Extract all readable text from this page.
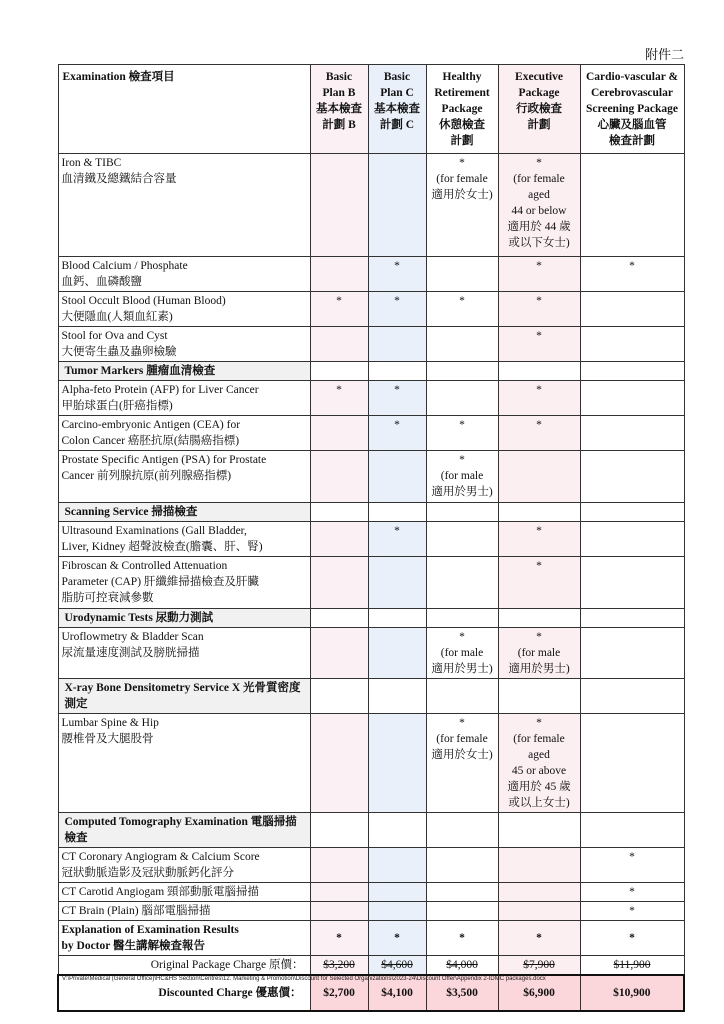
附件二
Examination 檢查項目	Basic
Plan B
基本檢查
計劃 B	Basic
Plan C
基本檢查
計劃 C	Healthy
Retirement
Package
休憩檢查
計劃	Executive
Package
行政檢查
計劃	Cardio-vascular &
Cerebrovascular
Screening Package
心臟及腦血管
檢查計劃
Iron & TIBC
血清鐵及總鐵結合容量			*
(for female
適用於女士)	*
(for female aged
44 or below
適用於 44 歲
或以下女士)	
Blood Calcium / Phosphate
血鈣、血磷酸鹽		*		*	*
Stool Occult Blood (Human Blood)
大便隱血(人類血紅素)	*	*	*	*	
Stool for Ova and Cyst
大便寄生蟲及蟲卵檢驗				*	
Tumor Markers 腫瘤血清檢查					
Alpha-feto Protein (AFP) for Liver Cancer
甲胎球蛋白(肝癌指標)	*	*		*	
Carcino-embryonic Antigen (CEA) for
Colon Cancer 癌胚抗原(結腸癌指標)		*	*	*	
Prostate Specific Antigen (PSA) for Prostate
Cancer 前列腺抗原(前列腺癌指標)			*
(for male
適用於男士)		
Scanning Service 掃描檢查					
Ultrasound Examinations (Gall Bladder,
Liver, Kidney 超聲波檢查(膽囊、肝、腎)		*		*	
Fibroscan & Controlled Attenuation
Parameter (CAP) 肝纖維掃描檢查及肝臟
脂肪可控衰減參數				*	
Urodynamic Tests 尿動力測試					
Uroflowmetry & Bladder Scan
尿流量速度測試及膀胱掃描			*
(for male
適用於男士)	*
(for male
適用於男士)	
X-ray Bone Densitometry Service X 光骨質密度測定					
Lumbar Spine & Hip
腰椎骨及大腿股骨			*
(for female
適用於女士)	*
(for female aged
45 or above
適用於 45 歲
或以上女士)	
Computed Tomography Examination 電腦掃描檢查					
CT Coronary Angiogram & Calcium Score
冠狀動脈造影及冠狀動脈鈣化評分					*
CT Carotid Angiogam 頸部動脈電腦掃描					*
CT Brain (Plain) 腦部電腦掃描					*
Explanation of Examination Results
by Doctor 醫生講解檢查報告	*	*	*	*	*
Original Package Charge 原價：	$3,200	$4,600	$4,000	$7,900	$11,900
Discounted Charge 優惠價：	$2,700	$4,100	$3,500	$6,900	$10,900
V:\Private\Medical (General Office)\HC&HS Section\Centres\12. Marketing & Promotion\Discount for Selected Organizations\2023-24\Discount Offer\Appendix 2-IDMC packages.docx
